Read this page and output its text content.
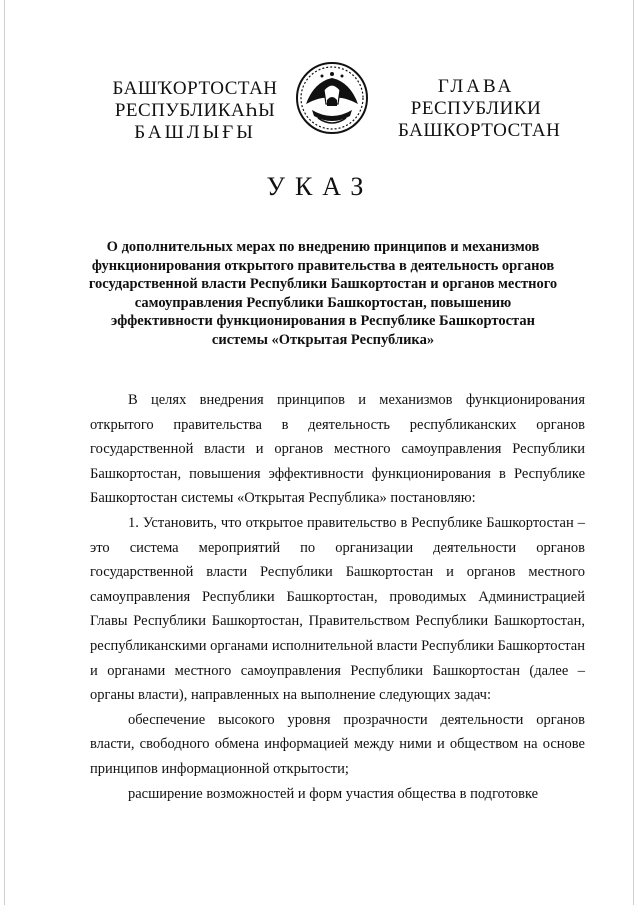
БАШҠОРТОСТАН
РЕСПУБЛИКАҺЫ
БАШЛЫҒЫ
ГЛАВА
РЕСПУБЛИКИ
БАШКОРТОСТАН
УКАЗ
О дополнительных мерах по внедрению принципов и механизмов функционирования открытого правительства в деятельность органов государственной власти Республики Башкортостан и органов местного самоуправления Республики Башкортостан, повышению эффективности функционирования в Республике Башкортостан системы «Открытая Республика»

В целях внедрения принципов и механизмов функционирования открытого правительства в деятельность республиканских органов государственной власти и органов местного самоуправления Республики Башкортостан, повышения эффективности функционирования в Республике Башкортостан системы «Открытая Республика» постановляю:

1. Установить, что открытое правительство в Республике Башкортостан – это система мероприятий по организации деятельности органов государственной власти Республики Башкортостан и органов местного самоуправления Республики Башкортостан, проводимых Администрацией Главы Республики Башкортостан, Правительством Республики Башкортостан, республиканскими органами исполнительной власти Республики Башкортостан и органами местного самоуправления Республики Башкортостан (далее – органы власти), направленных на выполнение следующих задач:

обеспечение высокого уровня прозрачности деятельности органов власти, свободного обмена информацией между ними и обществом на основе принципов информационной открытости;

расширение возможностей и форм участия общества в подготовке
